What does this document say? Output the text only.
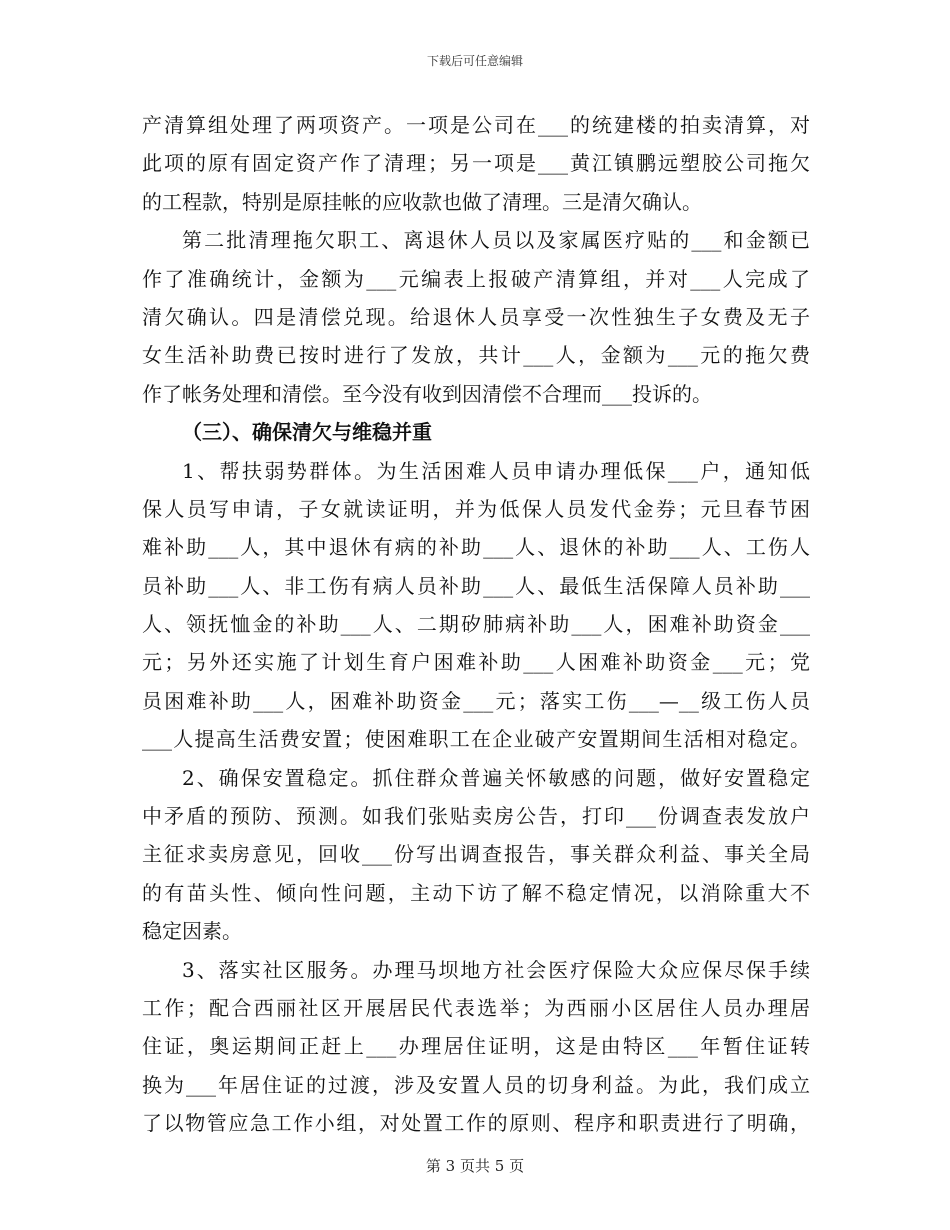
下载后可任意编辑
产清算组处理了两项资产。一项是公司在___的统建楼的拍卖清算，对
此项的原有固定资产作了清理；另一项是___黄江镇鹏远塑胶公司拖欠
的工程款，特别是原挂帐的应收款也做了清理。三是清欠确认。
第二批清理拖欠职工、离退休人员以及家属医疗贴的___和金额已
作了准确统计，金额为___元编表上报破产清算组，并对___人完成了
清欠确认。四是清偿兑现。给退休人员享受一次性独生子女费及无子
女生活补助费已按时进行了发放，共计___人，金额为___元的拖欠费
作了帐务处理和清偿。至今没有收到因清偿不合理而___投诉的。
（三）、确保清欠与维稳并重
1、帮扶弱势群体。为生活困难人员申请办理低保___户，通知低
保人员写申请，子女就读证明，并为低保人员发代金券；元旦春节困
难补助___人，其中退休有病的补助___人、退休的补助___人、工伤人
员补助___人、非工伤有病人员补助___人、最低生活保障人员补助___
人、领抚恤金的补助___人、二期矽肺病补助___人，困难补助资金___
元；另外还实施了计划生育户困难补助___人困难补助资金___元；党
员困难补助___人，困难补助资金___元；落实工伤___—__级工伤人员
___人提高生活费安置；使困难职工在企业破产安置期间生活相对稳定。
2、确保安置稳定。抓住群众普遍关怀敏感的问题，做好安置稳定
中矛盾的预防、预测。如我们张贴卖房公告，打印___份调查表发放户
主征求卖房意见，回收___份写出调查报告，事关群众利益、事关全局
的有苗头性、倾向性问题，主动下访了解不稳定情况，以消除重大不
稳定因素。
3、落实社区服务。办理马坝地方社会医疗保险大众应保尽保手续
工作；配合西丽社区开展居民代表选举；为西丽小区居住人员办理居
住证，奥运期间正赶上___办理居住证明，这是由特区___年暂住证转
换为___年居住证的过渡，涉及安置人员的切身利益。为此，我们成立
了以物管应急工作小组，对处置工作的原则、程序和职责进行了明确，
第 3 页共 5 页
